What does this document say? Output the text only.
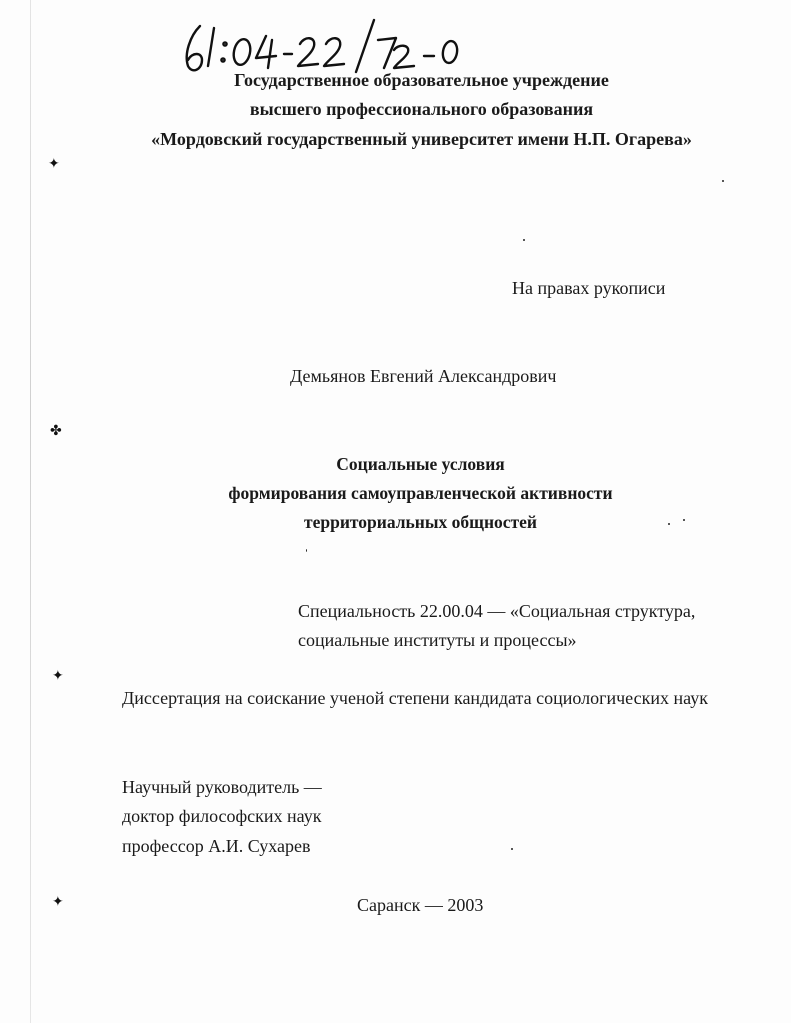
Государственное образовательное учреждение
высшего профессионального образования
«Мордовский государственный университет имени Н.П. Огарева»
На правах рукописи
Демьянов Евгений Александрович
Социальные условия
формирования самоуправленческой активности
территориальных общностей
Специальность 22.00.04 — «Социальная структура,
социальные институты и процессы»
Диссертация на соискание ученой степени кандидата социологических наук
Научный руководитель —
доктор философских наук
профессор А.И. Сухарев
Саранск — 2003
✦
✤
✦
✦
